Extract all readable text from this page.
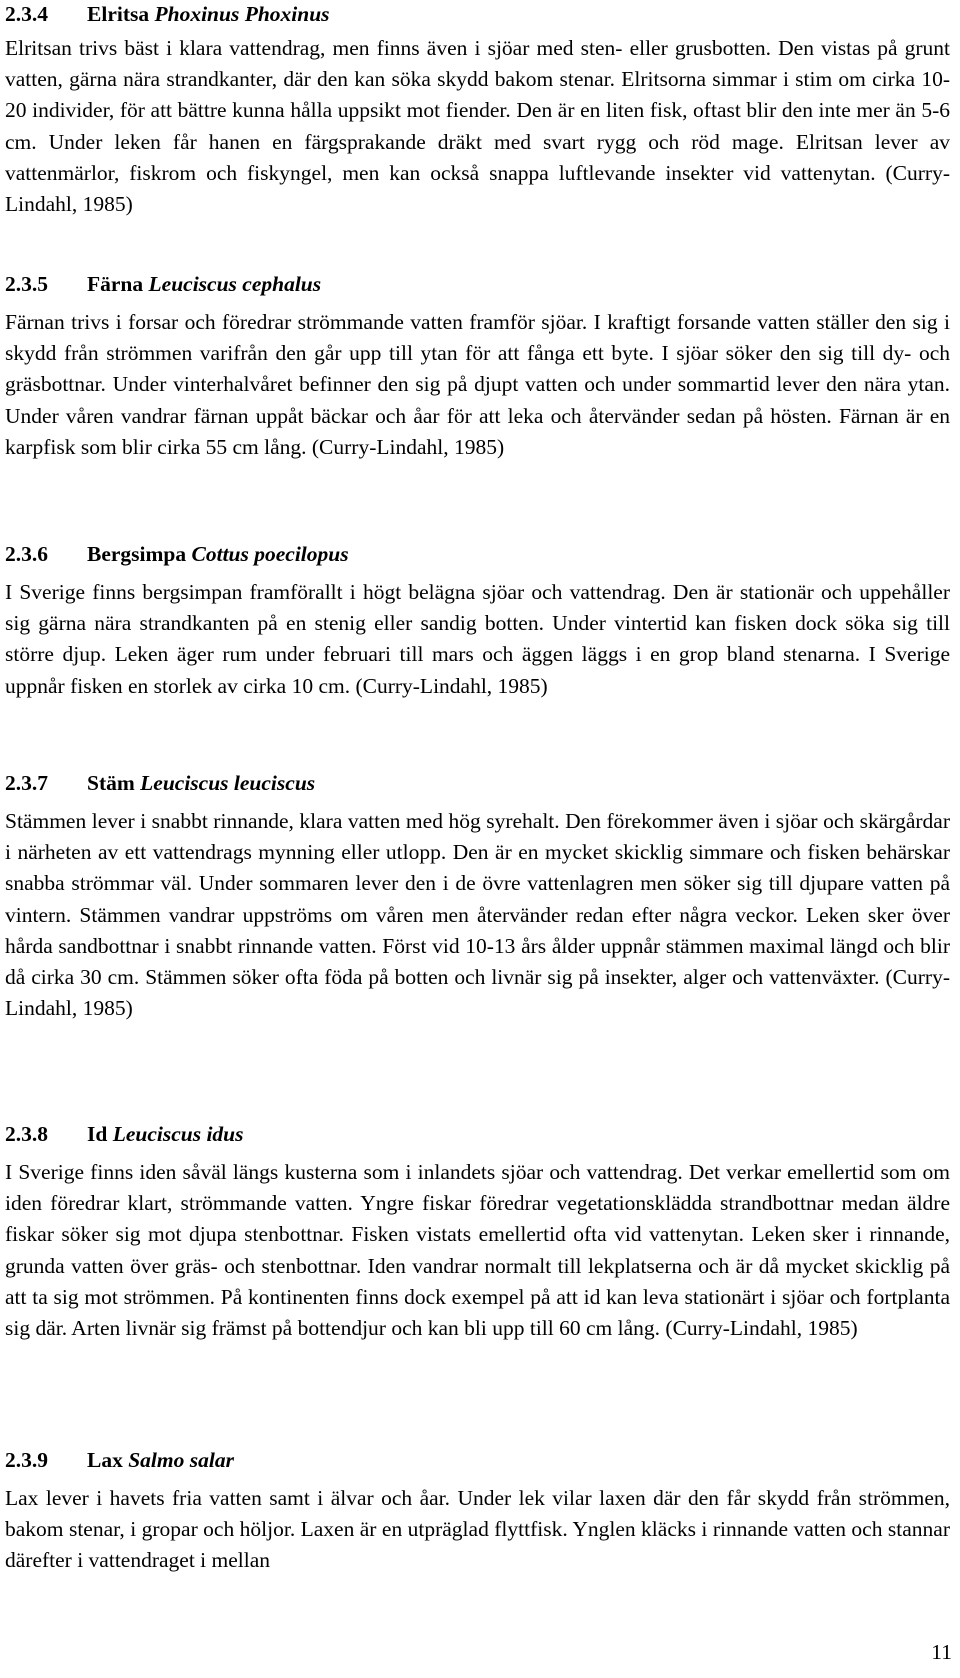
2.3.4 Elritsa Phoxinus Phoxinus

Elritsan trivs bäst i klara vattendrag, men finns även i sjöar med sten- eller grusbotten. Den vistas på grunt vatten, gärna nära strandkanter, där den kan söka skydd bakom stenar. Elritsorna simmar i stim om cirka 10-20 individer, för att bättre kunna hålla uppsikt mot fiender. Den är en liten fisk, oftast blir den inte mer än 5-6 cm. Under leken får hanen en färgsprakande dräkt med svart rygg och röd mage. Elritsan lever av vattenmärlor, fiskrom och fiskyngel, men kan också snappa luftlevande insekter vid vattenytan. (Curry-Lindahl, 1985)

2.3.5 Färna Leuciscus cephalus

Färnan trivs i forsar och föredrar strömmande vatten framför sjöar. I kraftigt forsande vatten ställer den sig i skydd från strömmen varifrån den går upp till ytan för att fånga ett byte. I sjöar söker den sig till dy- och gräsbottnar. Under vinterhalvåret befinner den sig på djupt vatten och under sommartid lever den nära ytan. Under våren vandrar färnan uppåt bäckar och åar för att leka och återvänder sedan på hösten. Färnan är en karpfisk som blir cirka 55 cm lång. (Curry-Lindahl, 1985)

2.3.6 Bergsimpa Cottus poecilopus

I Sverige finns bergsimpan framförallt i högt belägna sjöar och vattendrag. Den är stationär och uppehåller sig gärna nära strandkanten på en stenig eller sandig botten. Under vintertid kan fisken dock söka sig till större djup. Leken äger rum under februari till mars och äggen läggs i en grop bland stenarna. I Sverige uppnår fisken en storlek av cirka 10 cm. (Curry-Lindahl, 1985)

2.3.7 Stäm Leuciscus leuciscus

Stämmen lever i snabbt rinnande, klara vatten med hög syrehalt. Den förekommer även i sjöar och skärgårdar i närheten av ett vattendrags mynning eller utlopp. Den är en mycket skicklig simmare och fisken behärskar snabba strömmar väl. Under sommaren lever den i de övre vattenlagren men söker sig till djupare vatten på vintern. Stämmen vandrar uppströms om våren men återvänder redan efter några veckor. Leken sker över hårda sandbottnar i snabbt rinnande vatten. Först vid 10-13 års ålder uppnår stämmen maximal längd och blir då cirka 30 cm. Stämmen söker ofta föda på botten och livnär sig på insekter, alger och vattenväxter. (Curry-Lindahl, 1985)

2.3.8 Id Leuciscus idus

I Sverige finns iden såväl längs kusterna som i inlandets sjöar och vattendrag. Det verkar emellertid som om iden föredrar klart, strömmande vatten. Yngre fiskar föredrar vegetationsklädda strandbottnar medan äldre fiskar söker sig mot djupa stenbottnar. Fisken vistats emellertid ofta vid vattenytan. Leken sker i rinnande, grunda vatten över gräs- och stenbottnar. Iden vandrar normalt till lekplatserna och är då mycket skicklig på att ta sig mot strömmen. På kontinenten finns dock exempel på att id kan leva stationärt i sjöar och fortplanta sig där. Arten livnär sig främst på bottendjur och kan bli upp till 60 cm lång. (Curry-Lindahl, 1985)

2.3.9 Lax Salmo salar

Lax lever i havets fria vatten samt i älvar och åar. Under lek vilar laxen där den får skydd från strömmen, bakom stenar, i gropar och höljor. Laxen är en utpräglad flyttfisk. Ynglen kläcks i rinnande vatten och stannar därefter i vattendraget i mellan

11
